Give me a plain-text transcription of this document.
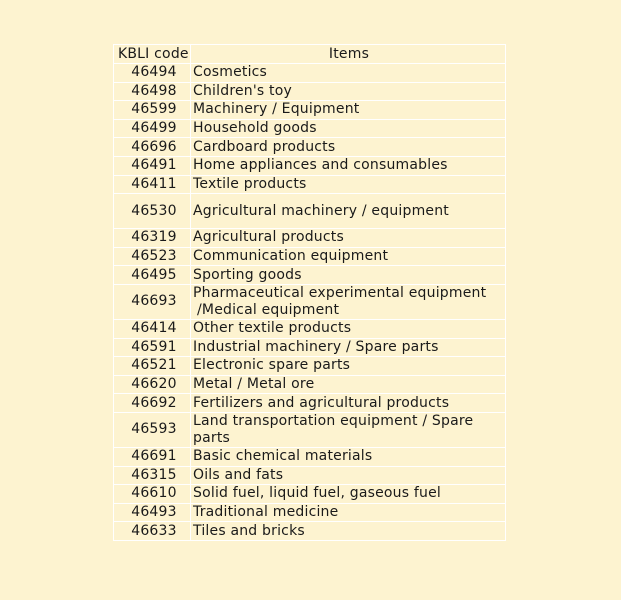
KBLI code	Items
46494	Cosmetics
46498	Children's toy
46599	Machinery / Equipment
46499	Household goods
46696	Cardboard products
46491	Home appliances and consumables
46411	Textile products
46530	Agricultural machinery / equipment
46319	Agricultural products
46523	Communication equipment
46495	Sporting goods
46693	Pharmaceutical experimental equipment
/Medical equipment

46414	Other textile products
46591	Industrial machinery / Spare parts
46521	Electronic spare parts
46620	Metal / Metal ore
46692	Fertilizers and agricultural products
46593	Land transportation equipment / Spare parts
46691	Basic chemical materials
46315	Oils and fats
46610	Solid fuel, liquid fuel, gaseous fuel
46493	Traditional medicine
46633	Tiles and bricks
